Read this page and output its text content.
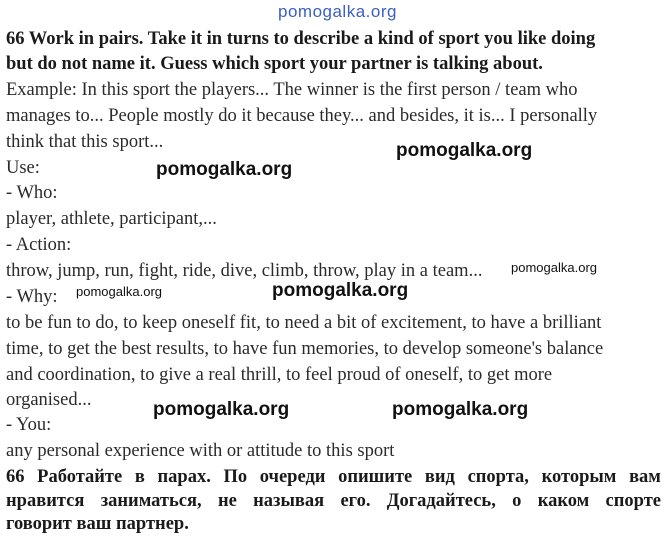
pomogalka.org
66 Work in pairs. Take it in turns to describe a kind of sport you like doing
but do not name it. Guess which sport your partner is talking about.
Example: In this sport the players... The winner is the first person / team who
manages to... People mostly do it because they... and besides, it is... I personally
think that this sport...
Use:
- Who:
player, athlete, participant,...
- Action:
throw, jump, run, fight, ride, dive, climb, throw, play in a team...
- Why:
to be fun to do, to keep oneself fit, to need a bit of excitement, to have a brilliant
time, to get the best results, to have fun memories, to develop someone's balance
and coordination, to give a real thrill, to feel proud of oneself, to get more
organised...
- You:
any personal experience with or attitude to this sport
66 Работайте в парах. По очереди опишите вид спорта, которым вам
нравится заниматься, не называя его. Догадайтесь, о каком спорте
говорит ваш партнер.
pomogalka.org
pomogalka.org
pomogalka.org
pomogalka.org	pomogalka.org
pomogalka.org	pomogalka.org
